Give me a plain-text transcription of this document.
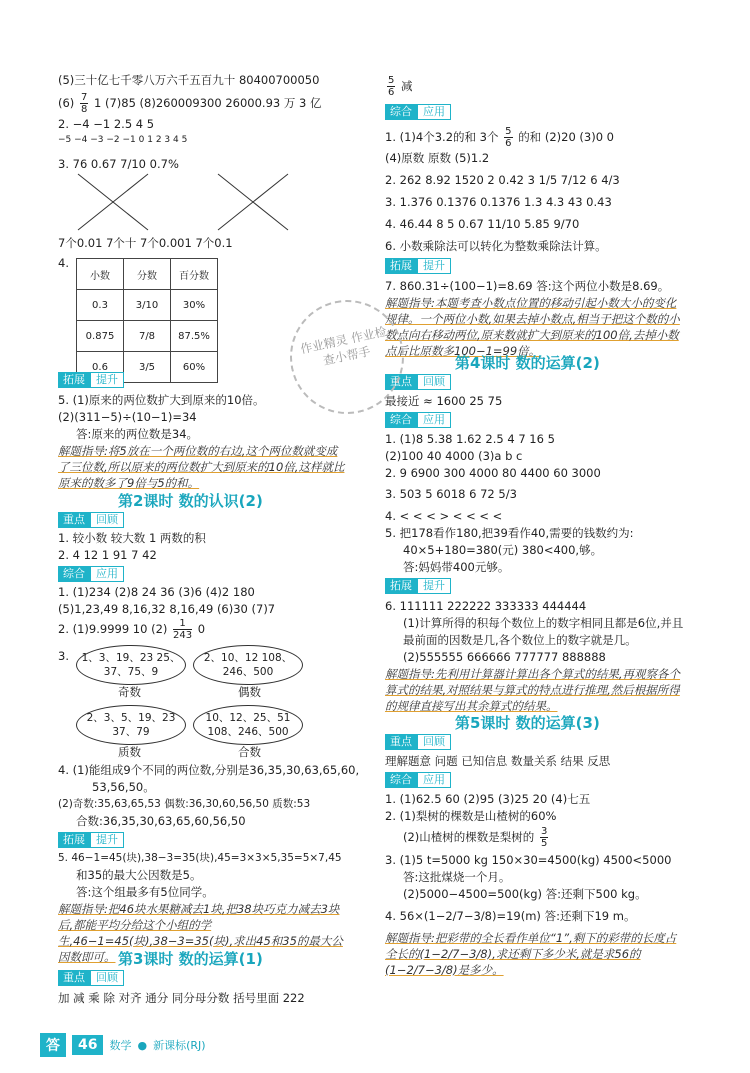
(5)三十亿七千零八万六千五百九十 80400700050
$(6) \frac{7}{8} 1$ (7)85 (8)260009300 26000.93 万 3 亿
2. −4 −1 2.5 4 5
−5 −4 −3 −2 −1 0 1 2 3 4 5
3. 76 0.67 7/10 0.7%
7个0.01 7个十 7个0.001 7个0.1
4.
小数	分数	百分数
0.3	3/10	30%
0.875	7/8	87.5%
0.6	3/5	60%
拓展	提升
5. (1)原来的两位数扩大到原来的10倍。
(2)(311−5)÷(10−1)=34
答:原来的两位数是34。
解题指导:将5放在一个两位数的右边,这个两位数就变成了三位数,所以原来的两位数扩大到原来的10倍,这样就比原来的数多了9倍与5的和。
第2课时 数的认识(2)
重点	回顾
1. 较小数 较大数 1 两数的积
2. 4 12 1 91 7 42
综合	应用
1. (1)234 (2)8 24 36 (3)6 (4)2 180
(5)1,23,49 8,16,32 8,16,49 (6)30 (7)7
2. (1)9.9999 10 $(2) \frac{1}{243} 0$
3.	1、3、19、23 25、37、75、9
奇数
2、10、12 108、246、500
偶数
2、3、5、19、23 37、79
质数
10、12、25、51 108、246、500
合数
4. (1)能组成9个不同的两位数,分别是36,35,30,63,65,60,
53,56,50。
(2)奇数:35,63,65,53 偶数:36,30,60,56,50 质数:53
合数:36,35,30,63,65,60,56,50
拓展	提升
5. 46−1=45(块),38−3=35(块),45=3×3×5,35=5×7,45
和35的最大公因数是5。
答:这个组最多有5位同学。
解题指导:把46块水果糖减去1块,把38块巧克力减去3块后,都能平均分给这个小组的学生,46−1=45(块),38−3=35(块),求出45和35的最大公因数即可。 第3课时 数的运算(1)
重点	回顾
加 减 乘 除 对齐 通分 同分母分数 括号里面 222
$\frac{5}{6}$ 减
综合	应用
1. (1)4个3.2的和 3个 $\frac{5}{6}$ 的和 (2)20 (3)0 0
(4)原数 原数 (5)1.2
2. 262 8.92 1520 2 0.42 3 1/5 7/12 6 4/3
3. 1.376 0.1376 0.1376 1.3 4.3 43 0.43
4. 46.44 8 5 0.67 11/10 5.85 9/70
6. 小数乘除法可以转化为整数乘除法计算。
拓展	提升
7. 860.31÷(100−1)=8.69 答:这个两位小数是8.69。
解题指导:本题考查小数点位置的移动引起小数大小的变化规律。一个两位小数,如果去掉小数点,相当于把这个数的小数点向右移动两位,原来数就扩大到原来的100倍,去掉小数点后比原数多100−1=99倍。
第4课时 数的运算(2)
重点	回顾
最接近 ≈ 1600 25 75
综合	应用
1. (1)8 5.38 1.62 2.5 4 7 16 5
(2)100 40 4000 (3)a b c
2. 9 6900 300 4000 80 4400 60 3000
3. 503 5 6018 6 72 5/3
4. < < < > < < < <
5. 把178看作180,把39看作40,需要的钱数约为:
40×5+180=380(元) 380<400,够。
答:妈妈带400元够。
拓展	提升
6. 111111 222222 333333 444444
(1)计算所得的积每个数位上的数字相同且都是6位,并且
最前面的因数是几,各个数位上的数字就是几。
(2)555555 666666 777777 888888
解题指导:先利用计算器计算出各个算式的结果,再观察各个算式的结果,对照结果与算式的特点进行推理,然后根据所得的规律直接写出其余算式的结果。
第5课时 数的运算(3)
重点	回顾
理解题意 问题 已知信息 数量关系 结果 反思
综合	应用
1. (1)62.5 60 (2)95 (3)25 20 (4)七五
2. (1)梨树的棵数是山楂树的60%
(2)山楂树的棵数是梨树的 $\frac{3}{5}$
3. (1)5 t=5000 kg 150×30=4500(kg) 4500<5000
答:这批煤烧一个月。
(2)5000−4500=500(kg) 答:还剩下500 kg。
4. 56×(1−2/7−3/8)=19(m) 答:还剩下19 m。
解题指导:把彩带的全长看作单位“1”,剩下的彩带的长度占全长的(1−2/7−3/8),求还剩下多少米,就是求56的(1−2/7−3/8)是多少。
作业精灵 作业检查小帮手
答	46	数学 ● 新课标(RJ)
